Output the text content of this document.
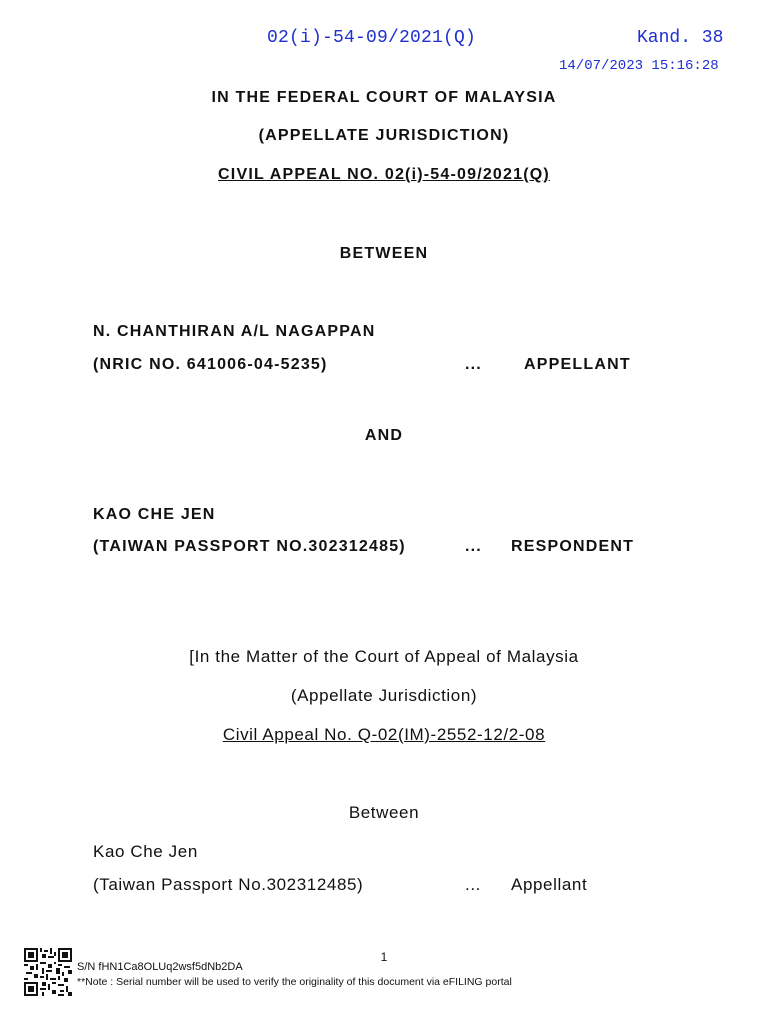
02(i)-54-09/2021(Q)	Kand. 38
14/07/2023 15:16:28
IN THE FEDERAL COURT OF MALAYSIA
(APPELLATE JURISDICTION)
CIVIL APPEAL NO. 02(i)-54-09/2021(Q)
BETWEEN
N. CHANTHIRAN A/L NAGAPPAN
(NRIC NO. 641006-04-5235)	...	APPELLANT
AND
KAO CHE JEN
(TAIWAN PASSPORT NO.302312485)	... RESPONDENT
[In the Matter of the Court of Appeal of Malaysia
(Appellate Jurisdiction)
Civil Appeal No. Q-02(IM)-2552-12/2-08
Between
Kao Che Jen
(Taiwan Passport No.302312485)	... Appellant
1
S/N fHN1Ca8OLUq2wsf5dNb2DA
**Note : Serial number will be used to verify the originality of this document via eFILING portal
